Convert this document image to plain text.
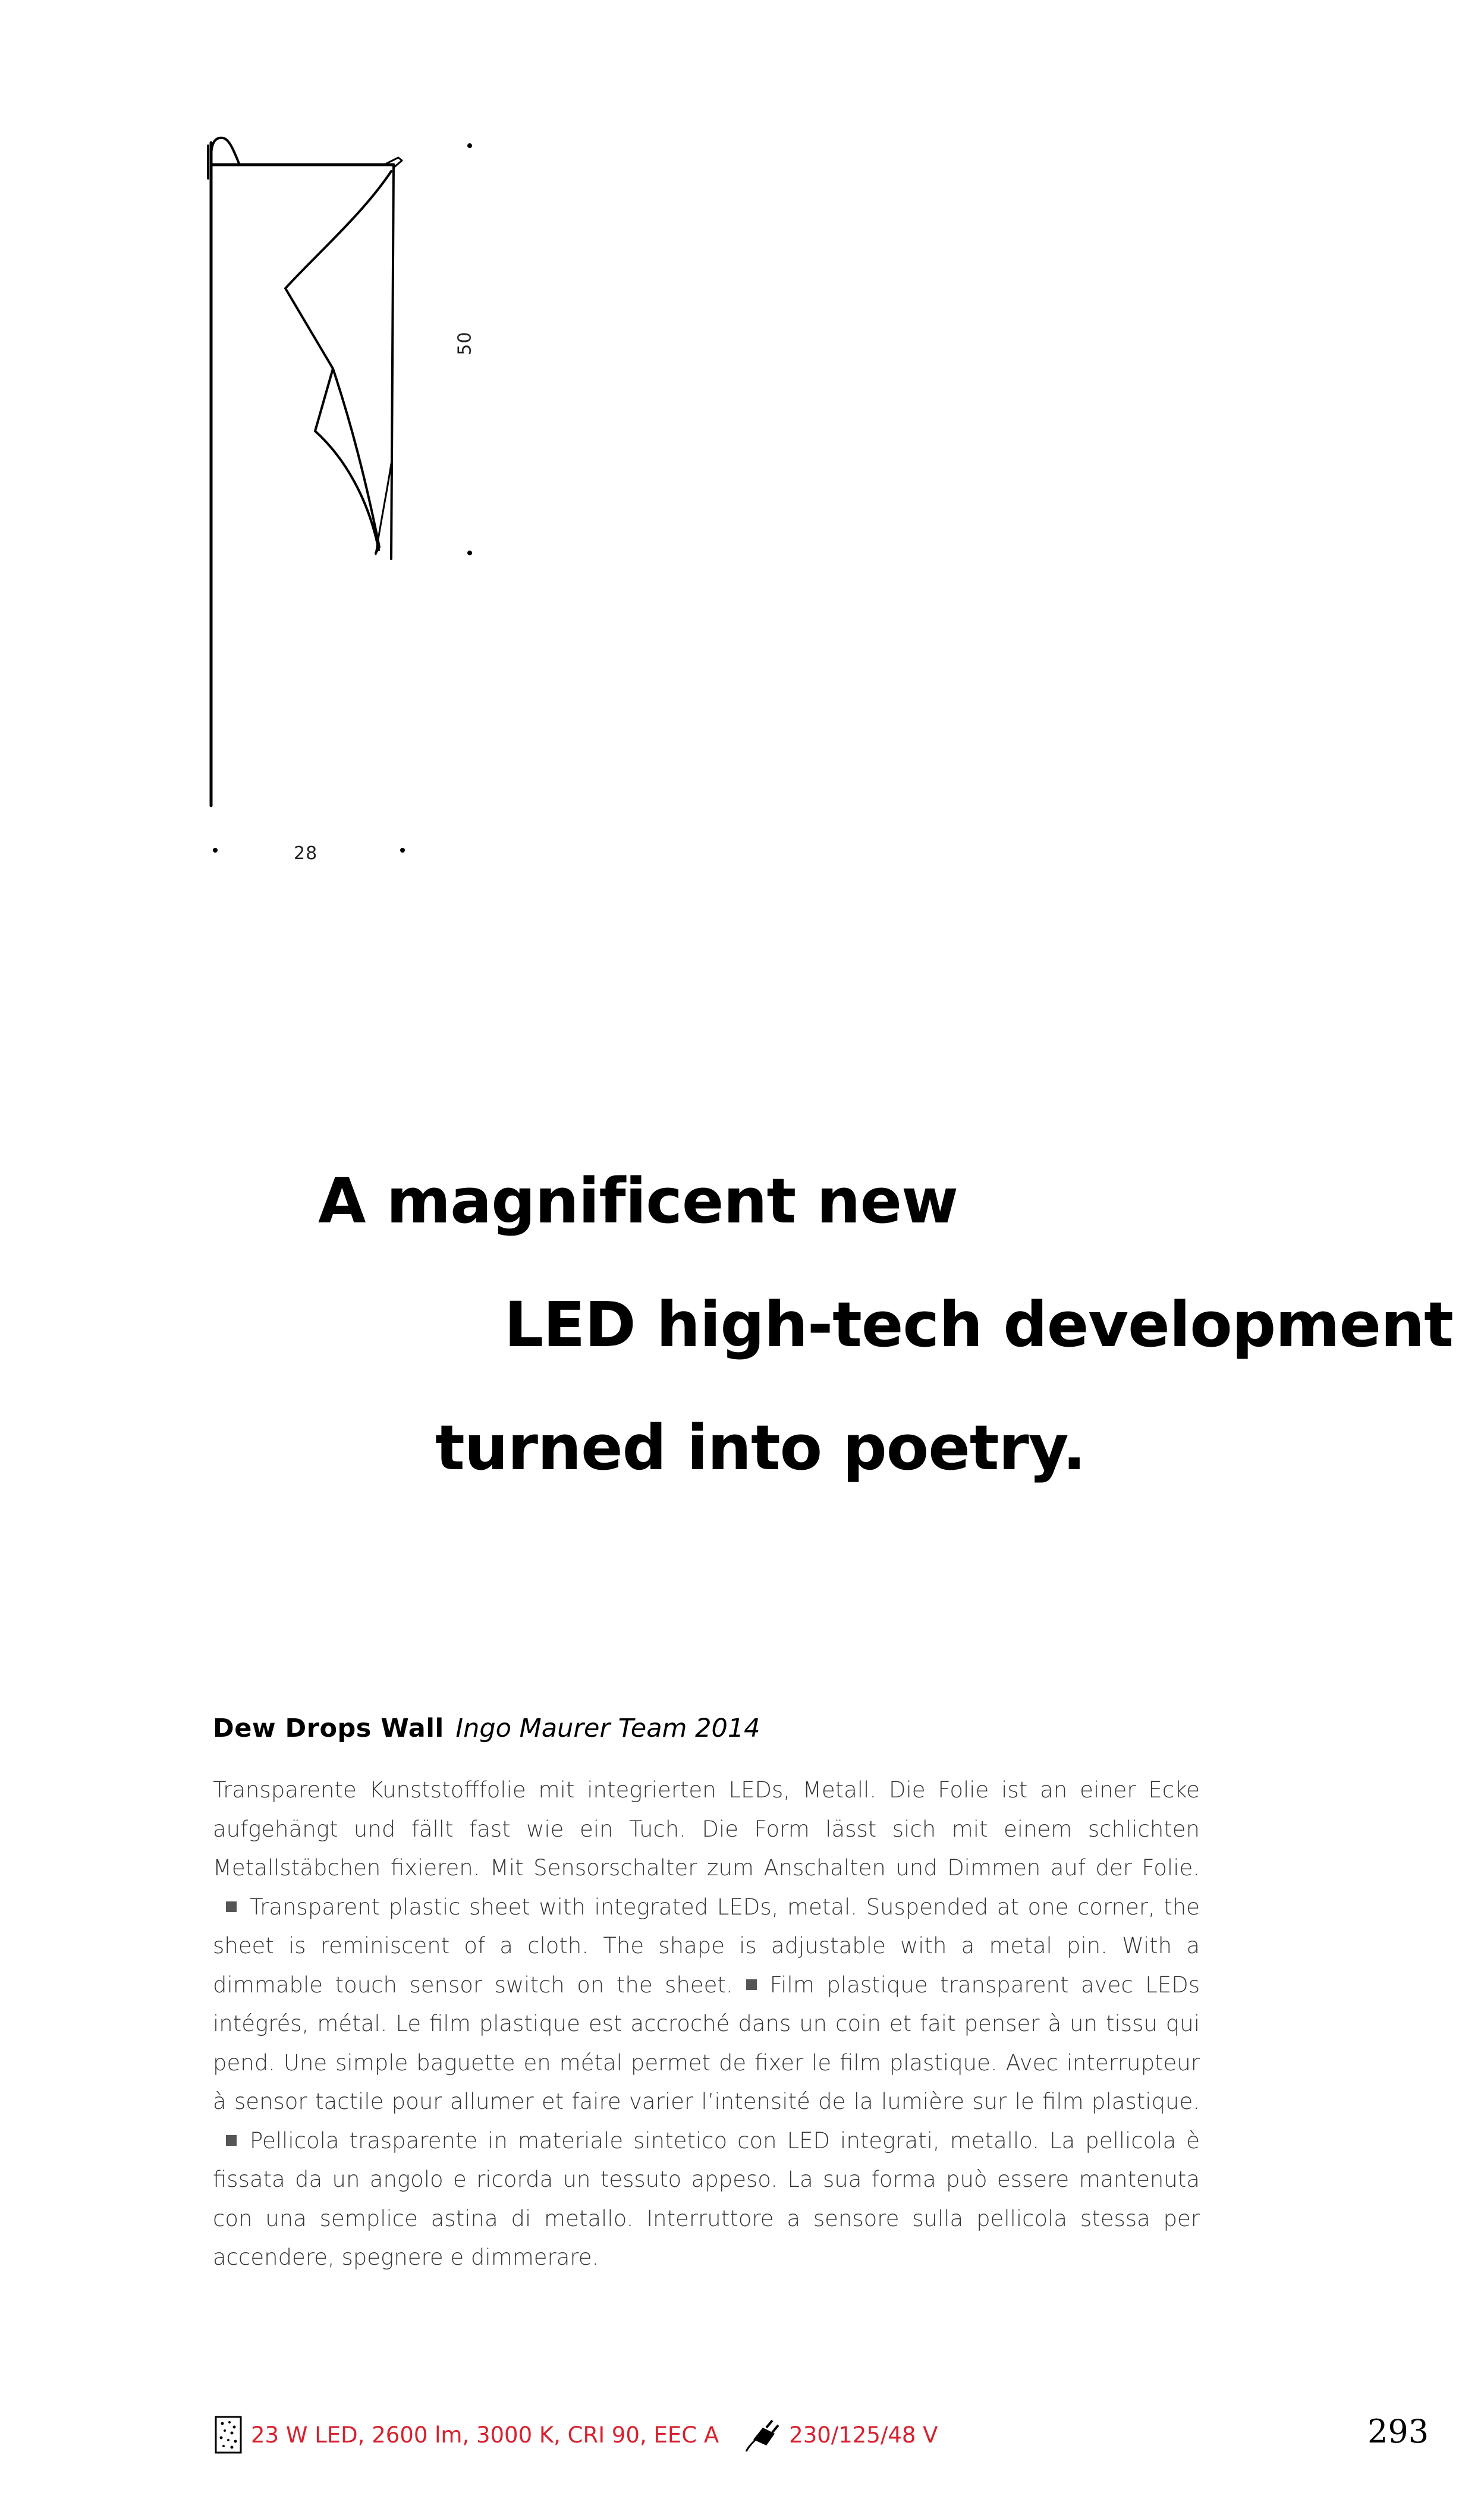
50
28
A magnificent new
LED high-tech development
turned into poetry.
Dew Drops Wall Ingo Maurer Team 2014
Transparente Kunststofffolie mit integrierten LEDs, Metall. Die Folie ist an einer Ecke aufgehängt und fällt fast wie ein Tuch. Die Form lässt sich mit einem schlichten Metallstäbchen fixieren. Mit Sensorschalter zum Anschalten und Dimmen auf der Folie.Transparent plastic sheet with integrated LEDs, metal. Suspended at one corner, the sheet is reminiscent of a cloth. The shape is adjustable with a metal pin. With a dimmable touch sensor switch on the sheet. Film plastique transparent avec LEDs intégrés, métal. Le film plastique est accroché dans un coin et fait penser à un tissu qui pend. Une simple baguette en métal permet de fixer le film plastique. Avec interrupteur à sensor tactile pour allumer et faire varier l’intensité de la lumière sur le film plastique.Pellicola trasparente in materiale sintetico con LED integrati, metallo. La pellicola è fissata da un angolo e ricorda un tessuto appeso. La sua forma può essere mantenuta con una semplice astina di metallo. Interruttore a sensore sulla pellicola stessa per accendere, spegnere e dimmerare.
23 W LED, 2600 lm, 3000 K, CRI 90, EEC A	230/125/48 V	293
